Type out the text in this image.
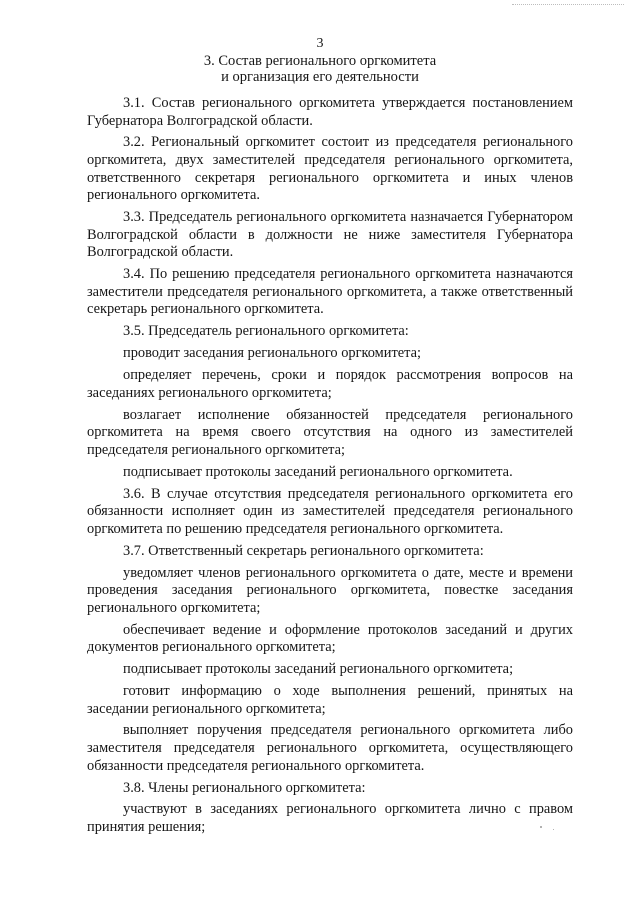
3
3. Состав регионального оргкомитета
и организация его деятельности

3.1. Состав регионального оргкомитета утверждается постановлением Губернатора Волгоградской области.

3.2. Региональный оргкомитет состоит из председателя регионального оргкомитета, двух заместителей председателя регионального оргкомитета, ответственного секретаря регионального оргкомитета и иных членов регионального оргкомитета.

3.3. Председатель регионального оргкомитета назначается Губернатором Волгоградской области в должности не ниже заместителя Губернатора Волгоградской области.

3.4. По решению председателя регионального оргкомитета назначаются заместители председателя регионального оргкомитета, а также ответственный секретарь регионального оргкомитета.

3.5. Председатель регионального оргкомитета:

проводит заседания регионального оргкомитета;

определяет перечень, сроки и порядок рассмотрения вопросов на заседаниях регионального оргкомитета;

возлагает исполнение обязанностей председателя регионального оргкомитета на время своего отсутствия на одного из заместителей председателя регионального оргкомитета;

подписывает протоколы заседаний регионального оргкомитета.

3.6. В случае отсутствия председателя регионального оргкомитета его обязанности исполняет один из заместителей председателя регионального оргкомитета по решению председателя регионального оргкомитета.

3.7. Ответственный секретарь регионального оргкомитета:

уведомляет членов регионального оргкомитета о дате, месте и времени проведения заседания регионального оргкомитета, повестке заседания регионального оргкомитета;

обеспечивает ведение и оформление протоколов заседаний и других документов регионального оргкомитета;

подписывает протоколы заседаний регионального оргкомитета;

готовит информацию о ходе выполнения решений, принятых на заседании регионального оргкомитета;

выполняет поручения председателя регионального оргкомитета либо заместителя председателя регионального оргкомитета, осуществляющего обязанности председателя регионального оргкомитета.

3.8. Члены регионального оргкомитета:

участвуют в заседаниях регионального оргкомитета лично с правом принятия решения;
